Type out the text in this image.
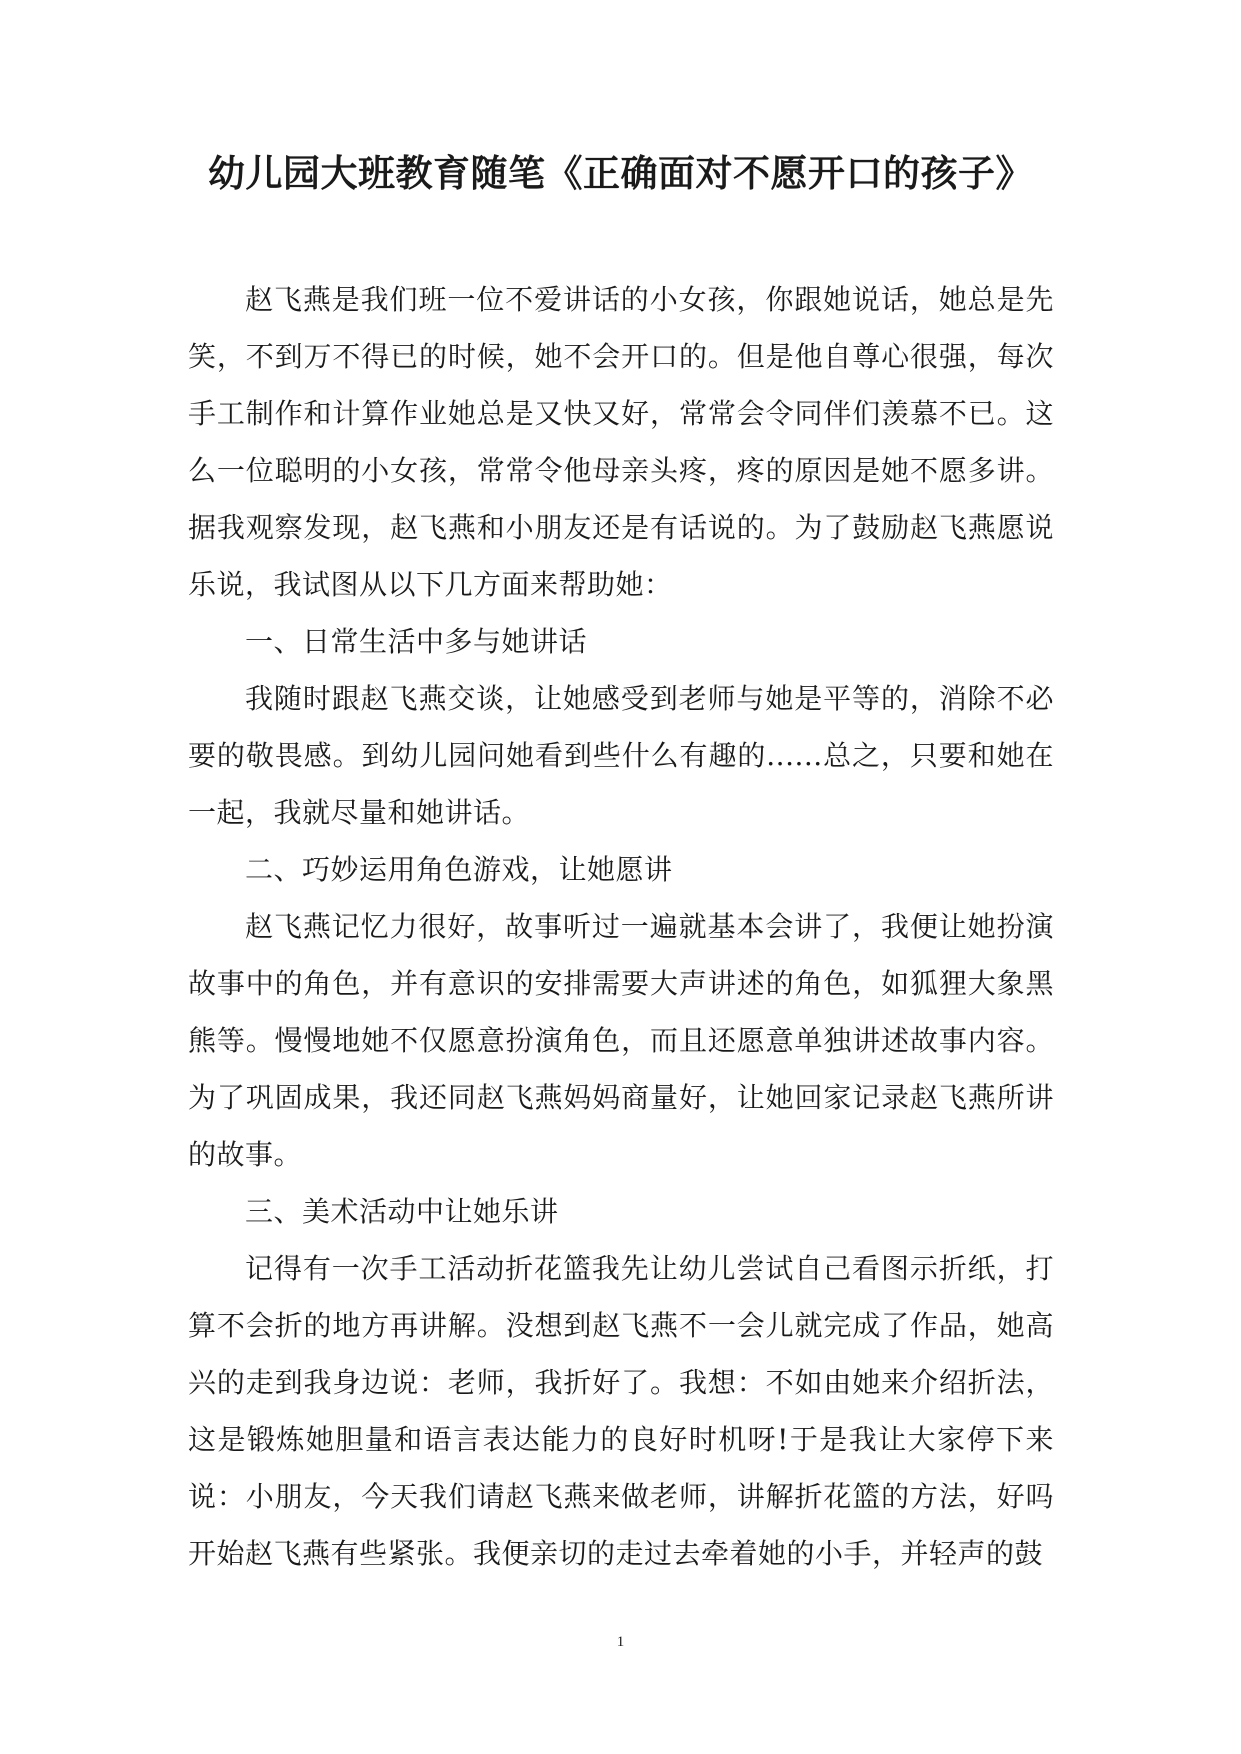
幼儿园大班教育随笔《正确面对不愿开口的孩子》

赵飞燕是我们班一位不爱讲话的小女孩，你跟她说话，她总是先笑，不到万不得已的时候，她不会开口的。但是他自尊心很强，每次手工制作和计算作业她总是又快又好，常常会令同伴们羡慕不已。这么一位聪明的小女孩，常常令他母亲头疼，疼的原因是她不愿多讲。据我观察发现，赵飞燕和小朋友还是有话说的。为了鼓励赵飞燕愿说乐说，我试图从以下几方面来帮助她：

一、日常生活中多与她讲话

我随时跟赵飞燕交谈，让她感受到老师与她是平等的，消除不必要的敬畏感。到幼儿园问她看到些什么有趣的......总之，只要和她在一起，我就尽量和她讲话。

二、巧妙运用角色游戏，让她愿讲

赵飞燕记忆力很好，故事听过一遍就基本会讲了，我便让她扮演故事中的角色，并有意识的安排需要大声讲述的角色，如狐狸大象黑熊等。慢慢地她不仅愿意扮演角色，而且还愿意单独讲述故事内容。为了巩固成果，我还同赵飞燕妈妈商量好，让她回家记录赵飞燕所讲的故事。

三、美术活动中让她乐讲

记得有一次手工活动折花篮我先让幼儿尝试自己看图示折纸，打算不会折的地方再讲解。没想到赵飞燕不一会儿就完成了作品，她高兴的走到我身边说：老师，我折好了。我想：不如由她来介绍折法，这是锻炼她胆量和语言表达能力的良好时机呀!于是我让大家停下来说：小朋友，今天我们请赵飞燕来做老师，讲解折花篮的方法，好吗开始赵飞燕有些紧张。我便亲切的走过去牵着她的小手，并轻声的鼓

1
